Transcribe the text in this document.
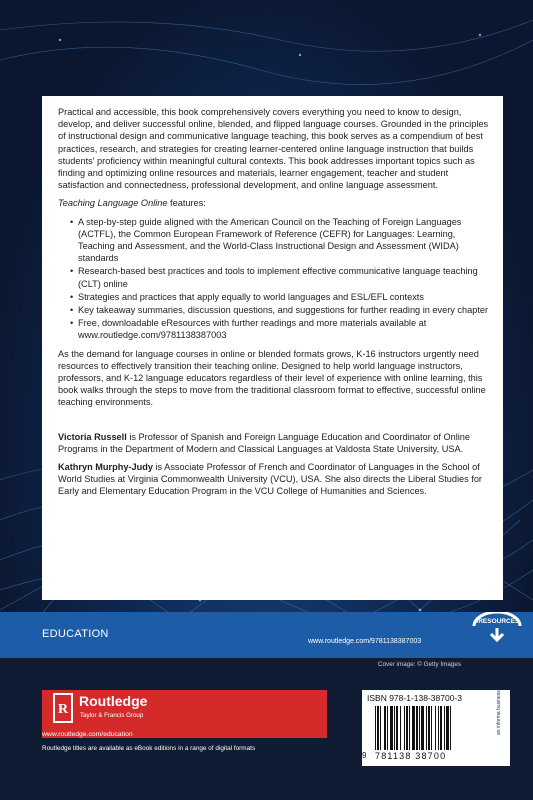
Practical and accessible, this book comprehensively covers everything you need to know to design, develop, and deliver successful online, blended, and flipped language courses. Grounded in the principles of instructional design and communicative language teaching, this book serves as a compendium of best practices, research, and strategies for creating learner-centered online language instruction that builds students' proficiency within meaningful cultural contexts. This book addresses important topics such as finding and optimizing online resources and materials, learner engagement, teacher and student satisfaction and connectedness, professional development, and online language assessment.

Teaching Language Online features:

• A step-by-step guide aligned with the American Council on the Teaching of Foreign Languages (ACTFL), the Common European Framework of Reference (CEFR) for Languages: Learning, Teaching and Assessment, and the World-Class Instructional Design and Assessment (WIDA) standards
• Research-based best practices and tools to implement effective communicative language teaching (CLT) online
• Strategies and practices that apply equally to world languages and ESL/EFL contexts
• Key takeaway summaries, discussion questions, and suggestions for further reading in every chapter
• Free, downloadable eResources with further readings and more materials available at www.routledge.com/9781138387003

As the demand for language courses in online or blended formats grows, K-16 instructors urgently need resources to effectively transition their teaching online. Designed to help world language instructors, professors, and K-12 language educators regardless of their level of experience with online learning, this book walks through the steps to move from the traditional classroom format to effective, successful online teaching environments.

Victoria Russell is Professor of Spanish and Foreign Language Education and Coordinator of Online Programs in the Department of Modern and Classical Languages at Valdosta State University, USA.

Kathryn Murphy-Judy is Associate Professor of French and Coordinator of Languages in the School of World Studies at Virginia Commonwealth University (VCU), USA. She also directs the Liberal Studies for Early and Elementary Education Program in the VCU College of Humanities and Sciences.

EDUCATION
www.routledge.com/9781138387003
eRESOURCES
Cover image: © Getty Images
R
Routledge
Taylor & Francis Group
www.routledge.com/education
Routledge titles are available as eBook editions in a range of digital formats
ISBN 978-1-138-38700-3
9 781138 38700
an informa business
